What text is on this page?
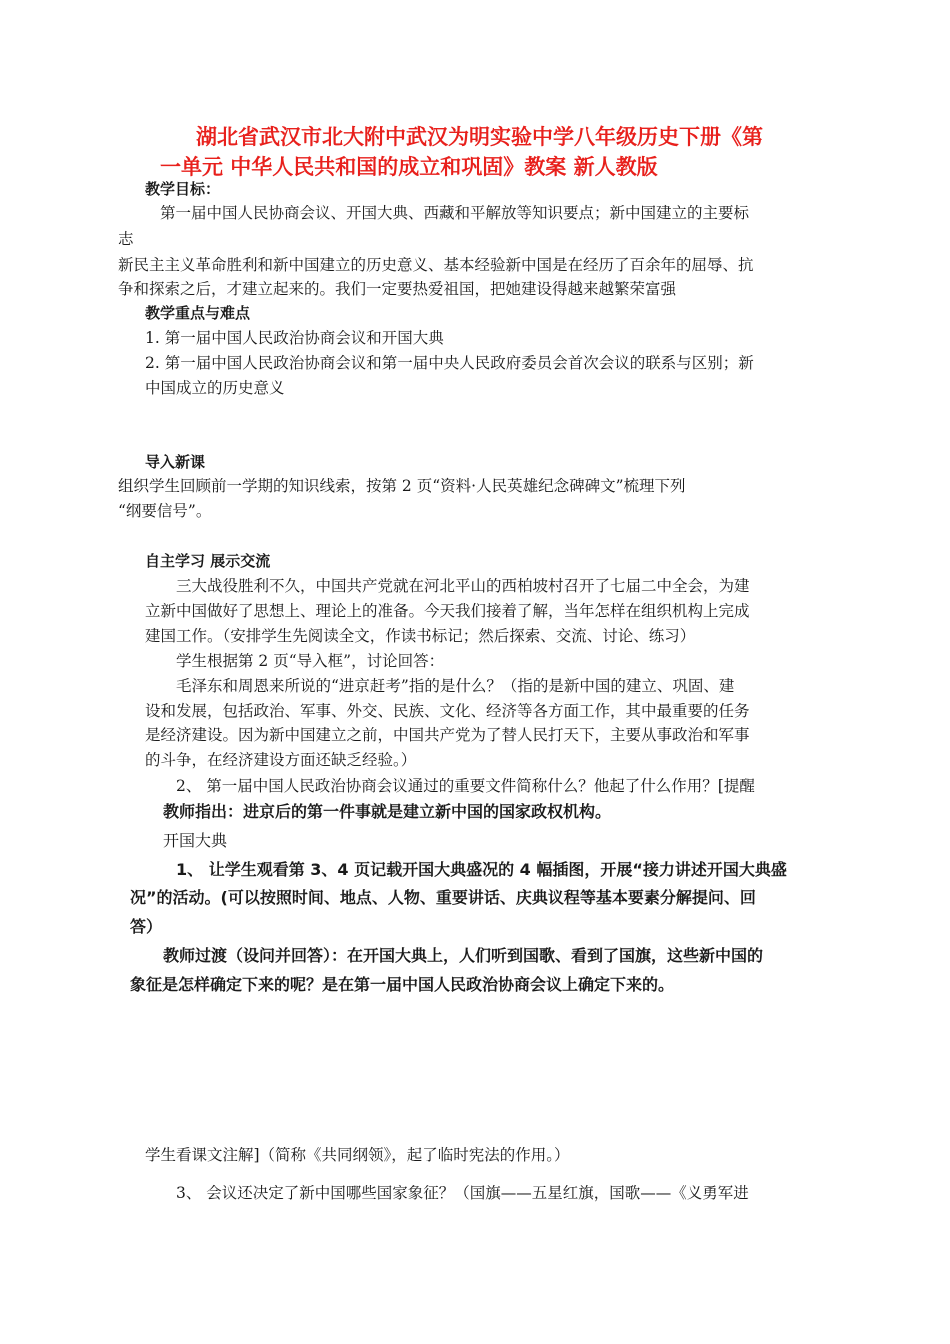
湖北省武汉市北大附中武汉为明实验中学八年级历史下册《第
一单元 中华人民共和国的成立和巩固》教案 新人教版
教学目标：

第一届中国人民协商会议、开国大典、西藏和平解放等知识要点；新中国建立的主要标

志

新民主主义革命胜利和新中国建立的历史意义、基本经验新中国是在经历了百余年的屈辱、抗

争和探索之后，才建立起来的。我们一定要热爱祖国，把她建设得越来越繁荣富强

教学重点与难点

1. 第一届中国人民政治协商会议和开国大典

2. 第一届中国人民政治协商会议和第一届中央人民政府委员会首次会议的联系与区别；新

中国成立的历史意义

导入新课

组织学生回顾前一学期的知识线索，按第 2 页“资料·人民英雄纪念碑碑文”梳理下列

“纲要信号”。

自主学习 展示交流

三大战役胜利不久，中国共产党就在河北平山的西柏坡村召开了七届二中全会，为建

立新中国做好了思想上、理论上的准备。今天我们接着了解，当年怎样在组织机构上完成

建国工作。（安排学生先阅读全文，作读书标记；然后探索、交流、讨论、练习）

学生根据第 2 页“导入框”，讨论回答：

毛泽东和周恩来所说的“进京赶考”指的是什么？（指的是新中国的建立、巩固、建

设和发展，包括政治、军事、外交、民族、文化、经济等各方面工作，其中最重要的任务

是经济建设。因为新中国建立之前，中国共产党为了替人民打天下，主要从事政治和军事

的斗争，在经济建设方面还缺乏经验。）

2、 第一届中国人民政治协商会议通过的重要文件简称什么？他起了什么作用？[提醒

教师指出：进京后的第一件事就是建立新中国的国家政权机构。

开国大典

1、 让学生观看第 3、4 页记载开国大典盛况的 4 幅插图，开展“接力讲述开国大典盛

况”的活动。(可以按照时间、地点、人物、重要讲话、庆典议程等基本要素分解提问、回

答）

教师过渡（设问并回答）：在开国大典上，人们听到国歌、看到了国旗，这些新中国的

象征是怎样确定下来的呢？是在第一届中国人民政治协商会议上确定下来的。

学生看课文注解]（简称《共同纲领》，起了临时宪法的作用。）

3、 会议还决定了新中国哪些国家象征？（国旗——五星红旗，国歌——《义勇军进
